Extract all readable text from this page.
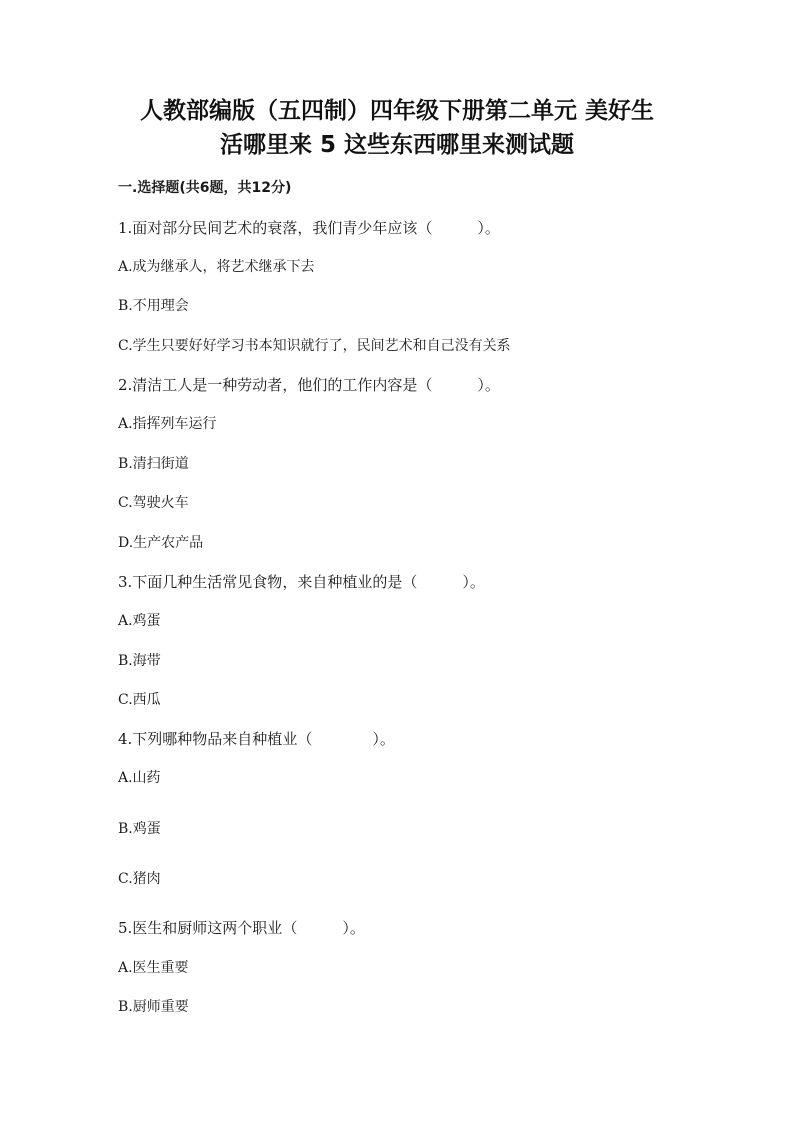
人教部编版（五四制）四年级下册第二单元 美好生
活哪里来 5 这些东西哪里来测试题
一.选择题(共6题，共12分)
1.面对部分民间艺术的衰落，我们青少年应该（　　　）。
A.成为继承人，将艺术继承下去
B.不用理会
C.学生只要好好学习书本知识就行了，民间艺术和自己没有关系
2.清洁工人是一种劳动者，他们的工作内容是（　　　）。
A.指挥列车运行
B.清扫街道
C.驾驶火车
D.生产农产品
3.下面几种生活常见食物，来自种植业的是（　　　）。
A.鸡蛋
B.海带
C.西瓜
4.下列哪种物品来自种植业（　　　　）。
A.山药
B.鸡蛋
C.猪肉
5.医生和厨师这两个职业（　　　）。
A.医生重要
B.厨师重要
